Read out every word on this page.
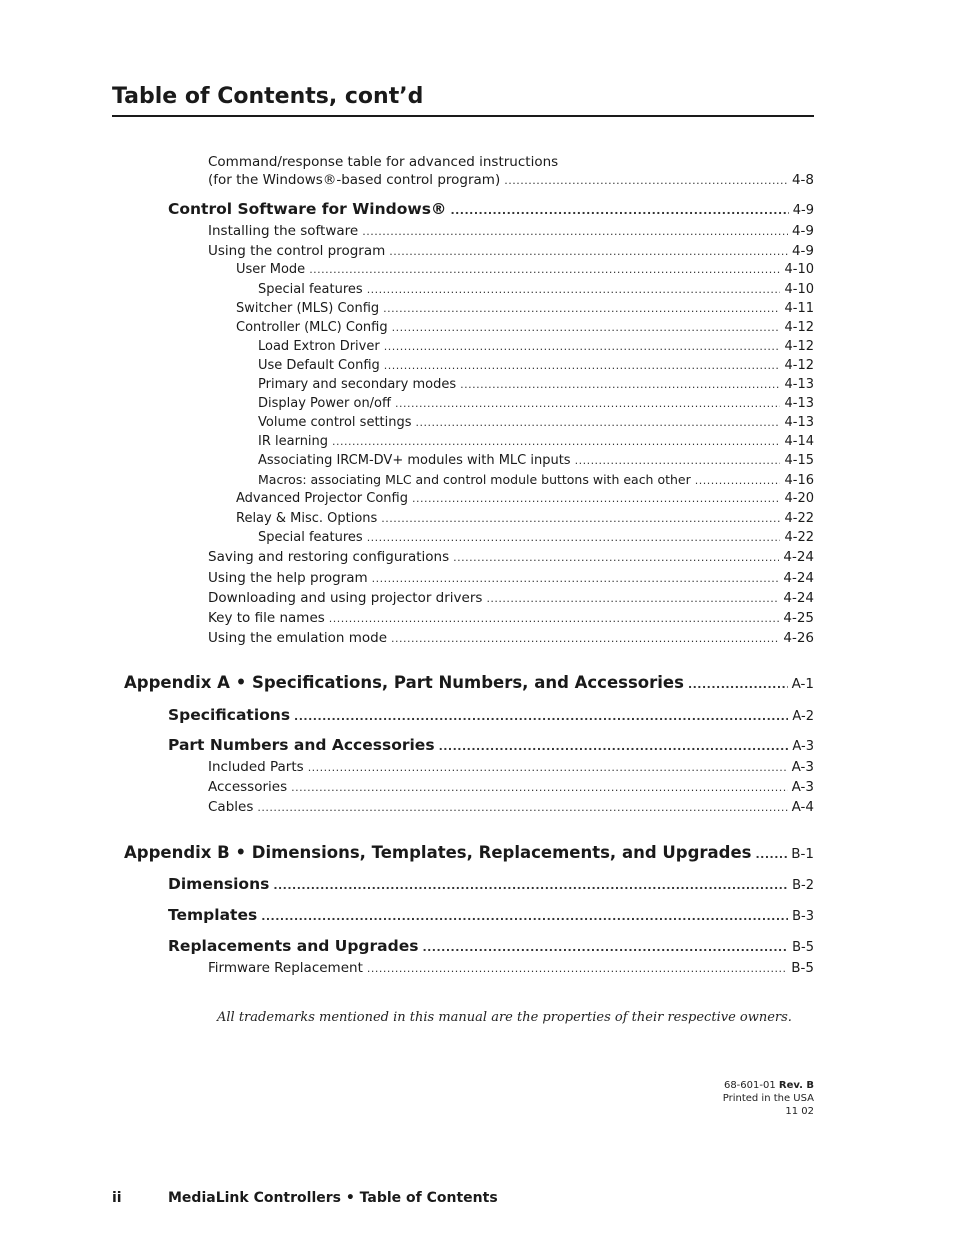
Table of Contents, cont’d
Command/response table for advanced instructions
(for the Windows®-based control program) .....	4-8
Control Software for Windows® .....	4-9
Installing the software .....	4-9
Using the control program .....	4-9
User Mode .....	4-10
Special features .....	4-10
Switcher (MLS) Config .....	4-11
Controller (MLC) Config .....	4-12
Load Extron Driver .....	4-12
Use Default Config .....	4-12
Primary and secondary modes .....	4-13
Display Power on/off .....	4-13
Volume control settings .....	4-13
IR learning .....	4-14
Associating IRCM-DV+ modules with MLC inputs .....	4-15
Macros: associating MLC and control module buttons with each other .....	4-16
Advanced Projector Config .....	4-20
Relay & Misc. Options .....	4-22
Special features .....	4-22
Saving and restoring configurations .....	4-24
Using the help program .....	4-24
Downloading and using projector drivers .....	4-24
Key to file names .....	4-25
Using the emulation mode .....	4-26
Appendix A • Specifications, Part Numbers, and Accessories .....	A-1
Specifications .....	A-2
Part Numbers and Accessories .....	A-3
Included Parts .....	A-3
Accessories .....	A-3
Cables .....	A-4
Appendix B • Dimensions, Templates, Replacements, and Upgrades .....	B-1
Dimensions .....	B-2
Templates .....	B-3
Replacements and Upgrades .....	B-5
Firmware Replacement .....	B-5
All trademarks mentioned in this manual are the properties of their respective owners.
68-601-01 Rev. B
Printed in the USA
11 02
ii	MediaLink Controllers • Table of Contents
